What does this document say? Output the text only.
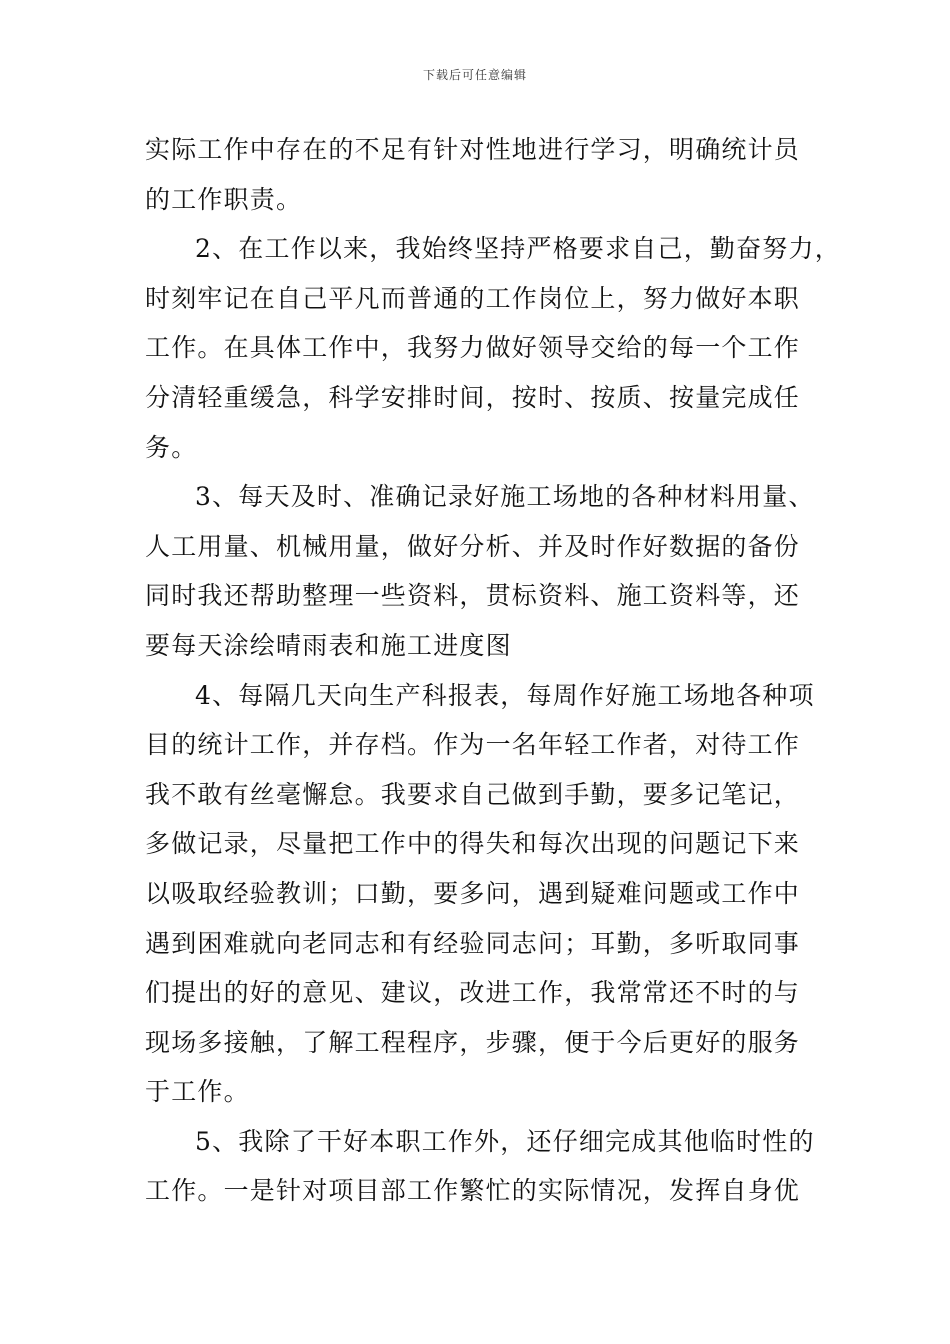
下载后可任意编辑
实际工作中存在的不足有针对性地进行学习，明确统计员
的工作职责。
2、在工作以来，我始终坚持严格要求自己，勤奋努力，
时刻牢记在自己平凡而普通的工作岗位上，努力做好本职
工作。在具体工作中，我努力做好领导交给的每一个工作
分清轻重缓急，科学安排时间，按时、按质、按量完成任
务。
3、每天及时、准确记录好施工场地的各种材料用量、
人工用量、机械用量，做好分析、并及时作好数据的备份
同时我还帮助整理一些资料，贯标资料、施工资料等，还
要每天涂绘晴雨表和施工进度图
4、每隔几天向生产科报表，每周作好施工场地各种项
目的统计工作，并存档。作为一名年轻工作者，对待工作
我不敢有丝毫懈怠。我要求自己做到手勤，要多记笔记，
多做记录，尽量把工作中的得失和每次出现的问题记下来
以吸取经验教训；口勤，要多问，遇到疑难问题或工作中
遇到困难就向老同志和有经验同志问；耳勤，多听取同事
们提出的好的意见、建议，改进工作，我常常还不时的与
现场多接触，了解工程程序，步骤，便于今后更好的服务
于工作。
5、我除了干好本职工作外，还仔细完成其他临时性的
工作。一是针对项目部工作繁忙的实际情况，发挥自身优
